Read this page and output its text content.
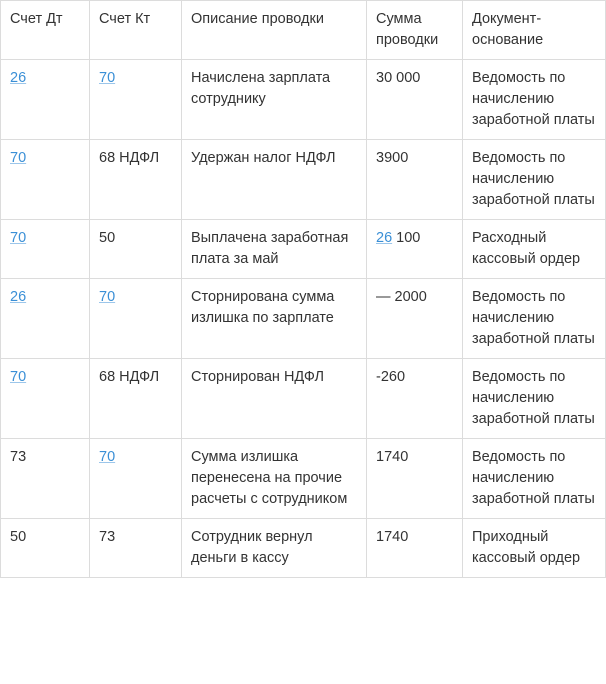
Счет Дт	Счет Кт	Описание проводки	Сумма проводки	Документ-основание
26	70	Начислена зарплата сотруднику	30 000	Ведомость по начислению заработной платы
70	68 НДФЛ	Удержан налог НДФЛ	3900	Ведомость по начислению заработной платы
70	50	Выплачена заработная плата за май	26 100	Расходный кассовый ордер
26	70	Сторнирована сумма излишка по зарплате	— 2000	Ведомость по начислению заработной платы
70	68 НДФЛ	Сторнирован НДФЛ	-260	Ведомость по начислению заработной платы
73	70	Сумма излишка перенесена на прочие расчеты с сотрудником	1740	Ведомость по начислению заработной платы
50	73	Сотрудник вернул деньги в кассу	1740	Приходный кассовый ордер
